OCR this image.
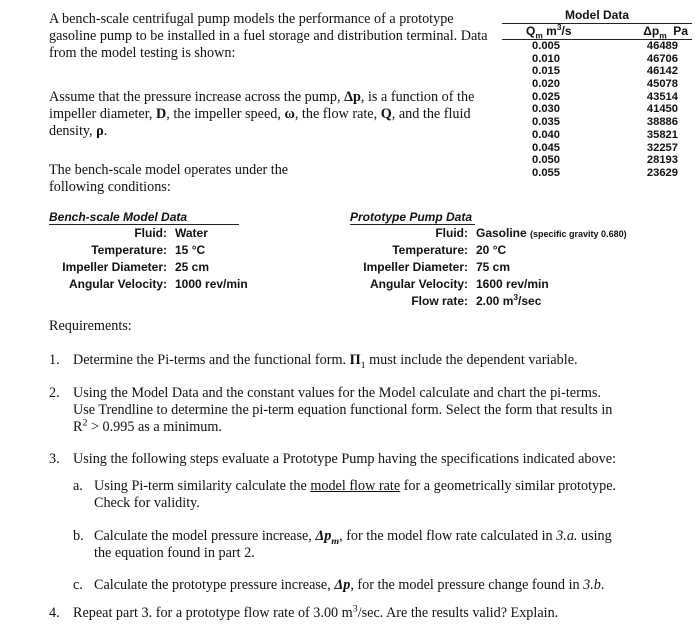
A bench-scale centrifugal pump models the performance of a prototype gasoline pump to be installed in a fuel storage and distribution terminal. Data from the model testing is shown:
Assume that the pressure increase across the pump, Δp, is a function of the impeller diameter, D, the impeller speed, ω, the flow rate, Q, and the fluid density, ρ.
The bench-scale model operates under the following conditions:
Model Data
$Q_m$ $m^3/s$	$\Delta p_m$  Pa
0.005	46489
0.010	46706
0.015	46142
0.020	45078
0.025	43514
0.030	41450
0.035	38886
0.040	35821
0.045	32257
0.050	28193
0.055	23629
Bench-scale Model Data
Fluid: Water
Temperature: 15 °C
Impeller Diameter: 25 cm
Angular Velocity: 1000 rev/min
Prototype Pump Data
Fluid: Gasoline (specific gravity 0.680)
Temperature: 20 °C
Impeller Diameter: 75 cm
Angular Velocity: 1600 rev/min
Flow rate: 2.00 $m^3/\sec$
Requirements:
1. Determine the Pi-terms and the functional form. $\Pi_1$ must include the dependent variable.
2. Using the Model Data and the constant values for the Model calculate and chart the pi-terms.
Use Trendline to determine the pi-term equation functional form. Select the form that results in
$R^2 > 0.995$ as a minimum.
3. Using the following steps evaluate a Prototype Pump having the specifications indicated above:
a. Using Pi-term similarity calculate the model flow rate for a geometrically similar prototype.
Check for validity.
b. Calculate the model pressure increase, $\Delta p_m$, for the model flow rate calculated in 3.a. using
the equation found in part 2.
c. Calculate the prototype pressure increase, Δp, for the model pressure change found in 3.b.
4. Repeat part 3. for a prototype flow rate of 3.00 $m^3/\sec$. Are the results valid? Explain.
